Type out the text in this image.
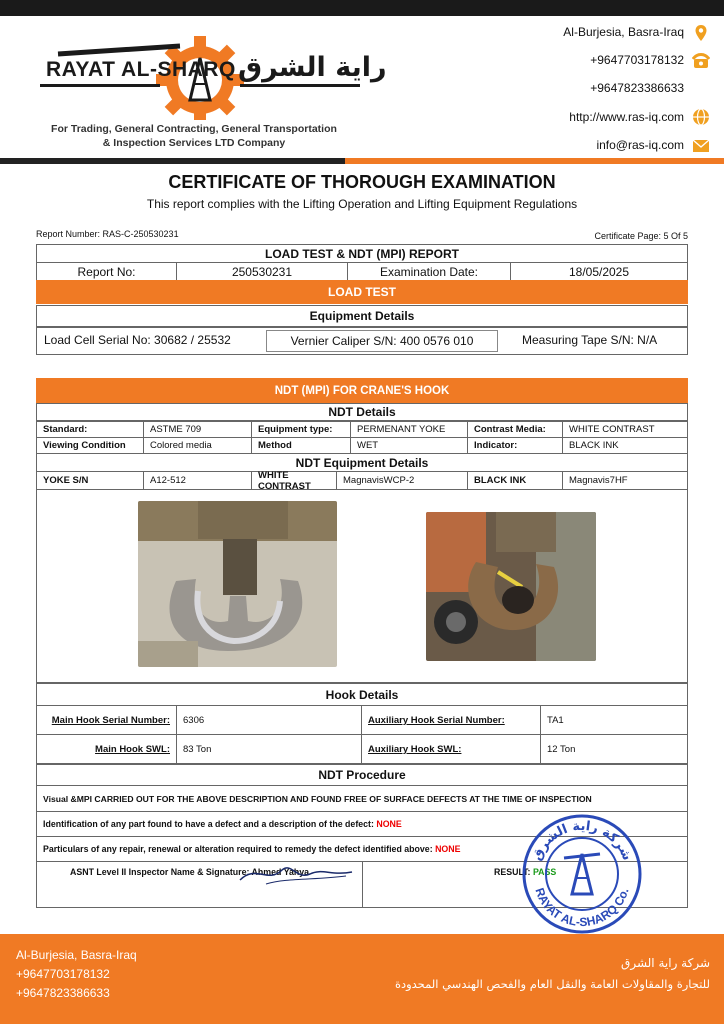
RAYAT AL-SHARQ راية الشرق
For Trading, General Contracting, General Transportation
& Inspection Services LTD Company
Al-Burjesia, Basra-Iraq
+9647703178132
+9647823386633
http://www.ras-iq.com
info@ras-iq.com
CERTIFICATE OF THOROUGH EXAMINATION
This report complies with the Lifting Operation and Lifting Equipment Regulations
Report Number: RAS-C-250530231	Certificate Page: 5 Of 5
LOAD TEST & NDT (MPI) REPORT
Report No:	250530231	Examination Date:	18/05/2025
LOAD TEST
Equipment Details
Load Cell Serial No: 30682 / 25532	Vernier Caliper S/N: 400 0576 010	Measuring Tape S/N: N/A
NDT (MPI) FOR CRANE'S HOOK
NDT Details
Standard:	ASTME 709	Equipment type:	PERMENANT YOKE	Contrast Media:	WHITE CONTRAST
Viewing Condition	Colored media	Method	WET	Indicator:	BLACK INK
NDT Equipment Details
YOKE S/N	A12-512	WHITE CONTRAST	MagnavisWCP-2	BLACK INK	Magnavis7HF
Hook Details
Main Hook Serial Number:	6306	Auxiliary Hook Serial Number:	TA1
Main Hook SWL:	83 Ton	Auxiliary Hook SWL:	12 Ton
NDT Procedure
Visual &MPI CARRIED OUT FOR THE ABOVE DESCRIPTION AND FOUND FREE OF SURFACE DEFECTS AT THE TIME OF INSPECTION
Identification of any part found to have a defect and a description of the defect:
NONE
Particulars of any repair, renewal or alteration required to remedy the defect identified above:
NONE
ASNT Level II Inspector Name & Signature: Ahmed Yahya	RESULT: PASS
شركة راية الشرق
RAYAT AL-SHARQ Co.
Al-Burjesia, Basra-Iraq
+9647703178132
+9647823386633
شركة راية الشرق
للتجارة والمقاولات العامة والنقل العام والفحص الهندسي المحدودة
